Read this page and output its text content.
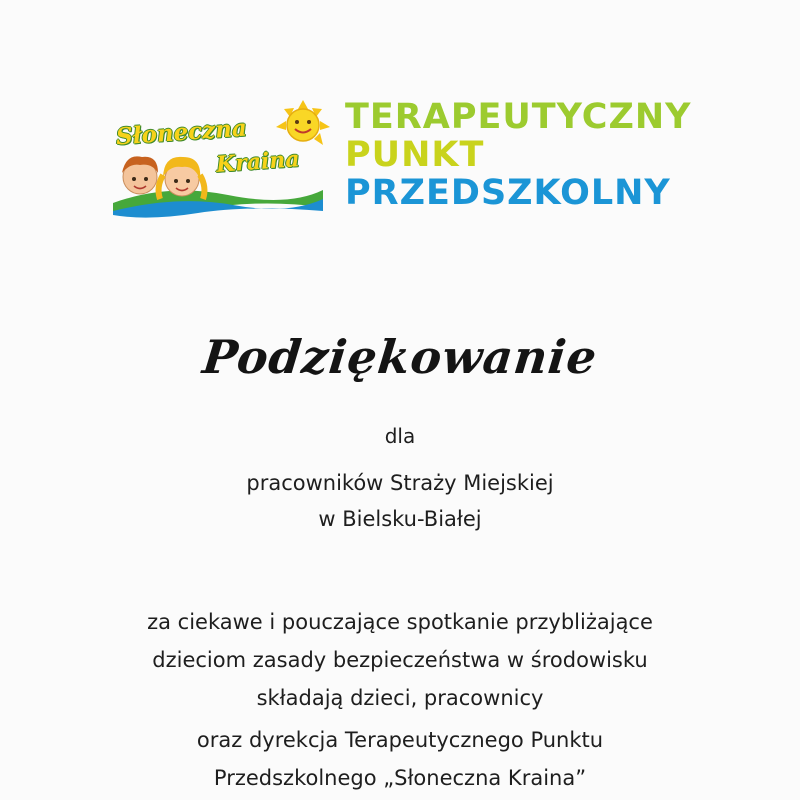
Słoneczna
Kraina
TERAPEUTYCZNY
PUNKT
PRZEDSZKOLNY
Podziękowanie
dla
pracowników Straży Miejskiej
w Bielsku-Białej
za ciekawe i pouczające spotkanie przybliżające
dzieciom zasady bezpieczeństwa w środowisku
składają dzieci, pracownicy
oraz dyrekcja Terapeutycznego Punktu
Przedszkolnego „Słoneczna Kraina”
